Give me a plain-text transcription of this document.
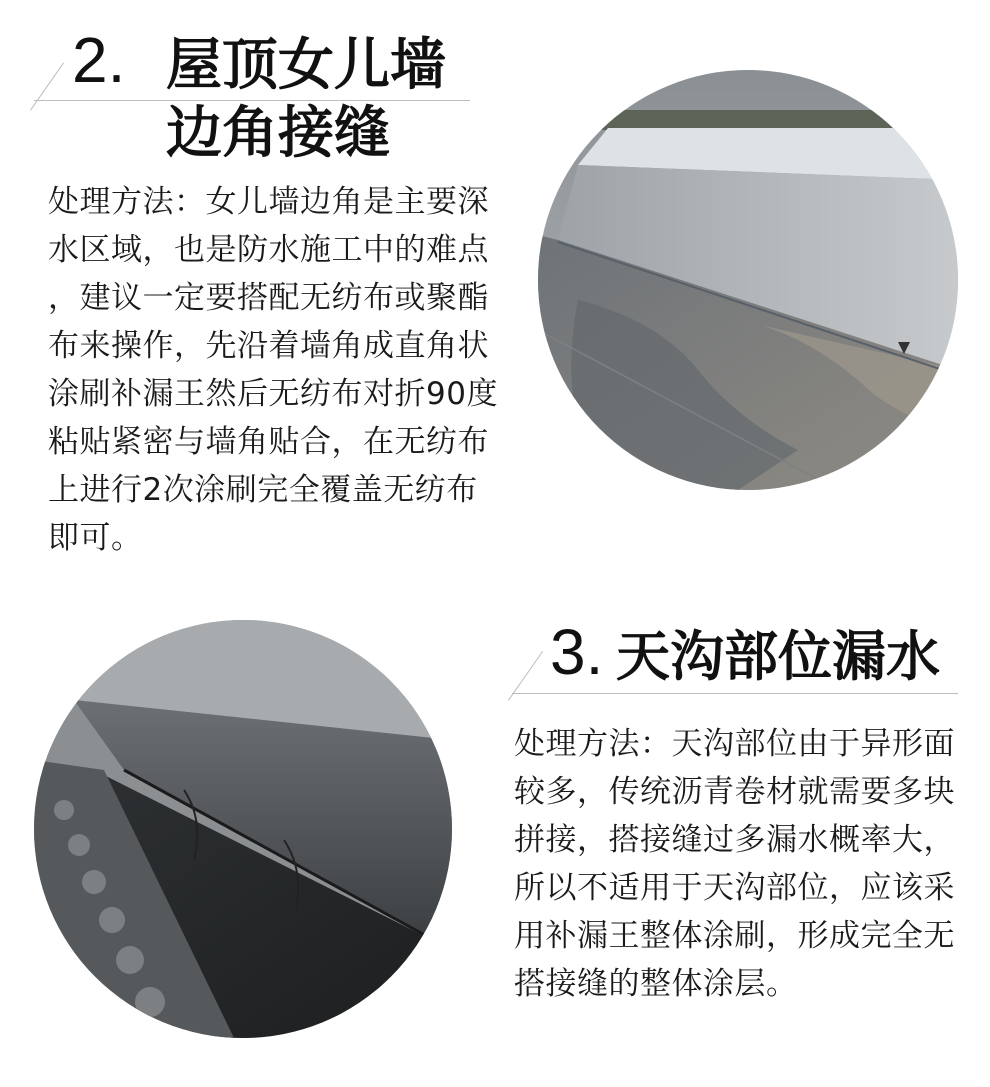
2. 屋顶女儿墙
边角接缝
处理方法：女儿墙边角是主要深
水区域，也是防水施工中的难点
，建议一定要搭配无纺布或聚酯
布来操作，先沿着墙角成直角状
涂刷补漏王然后无纺布对折90度
粘贴紧密与墙角贴合，在无纺布
上进行2次涂刷完全覆盖无纺布
即可。
3. 天沟部位漏水
处理方法：天沟部位由于异形面
较多，传统沥青卷材就需要多块
拼接，搭接缝过多漏水概率大，
所以不适用于天沟部位，应该采
用补漏王整体涂刷，形成完全无
搭接缝的整体涂层。
